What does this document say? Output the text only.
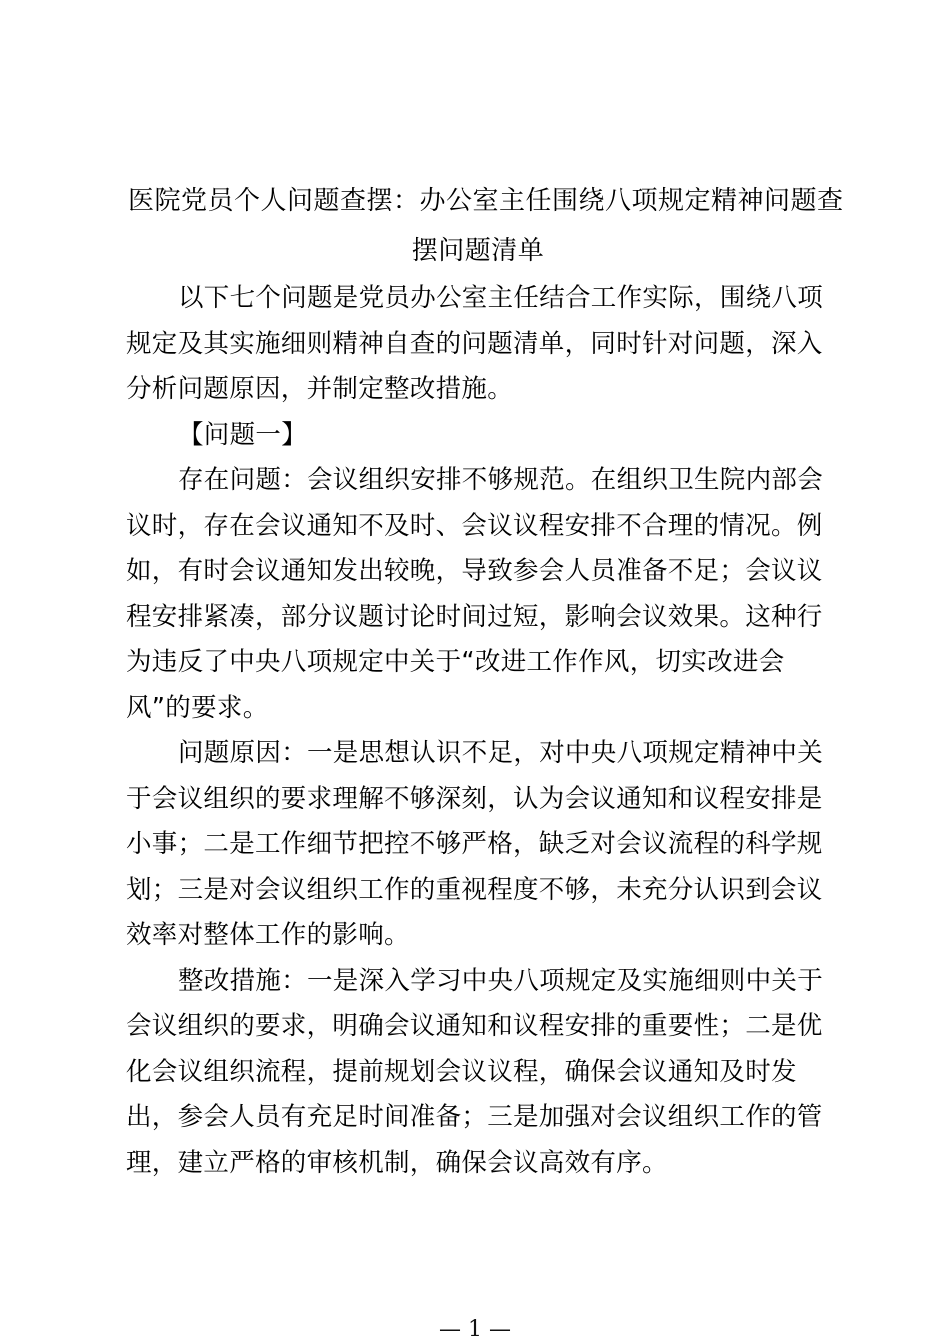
医院党员个人问题查摆：办公室主任围绕八项规定精神问题查
摆问题清单
以下七个问题是党员办公室主任结合工作实际，围绕八项
规定及其实施细则精神自查的问题清单，同时针对问题，深入
分析问题原因，并制定整改措施。
【问题一】
存在问题：会议组织安排不够规范。在组织卫生院内部会
议时，存在会议通知不及时、会议议程安排不合理的情况。例
如，有时会议通知发出较晚，导致参会人员准备不足；会议议
程安排紧凑，部分议题讨论时间过短，影响会议效果。这种行
为违反了中央八项规定中关于“改进工作作风，切实改进会
风”的要求。
问题原因：一是思想认识不足，对中央八项规定精神中关
于会议组织的要求理解不够深刻，认为会议通知和议程安排是
小事；二是工作细节把控不够严格，缺乏对会议流程的科学规
划；三是对会议组织工作的重视程度不够，未充分认识到会议
效率对整体工作的影响。
整改措施：一是深入学习中央八项规定及实施细则中关于
会议组织的要求，明确会议通知和议程安排的重要性；二是优
化会议组织流程，提前规划会议议程，确保会议通知及时发
出，参会人员有充足时间准备；三是加强对会议组织工作的管
理，建立严格的审核机制，确保会议高效有序。
— 1 —
